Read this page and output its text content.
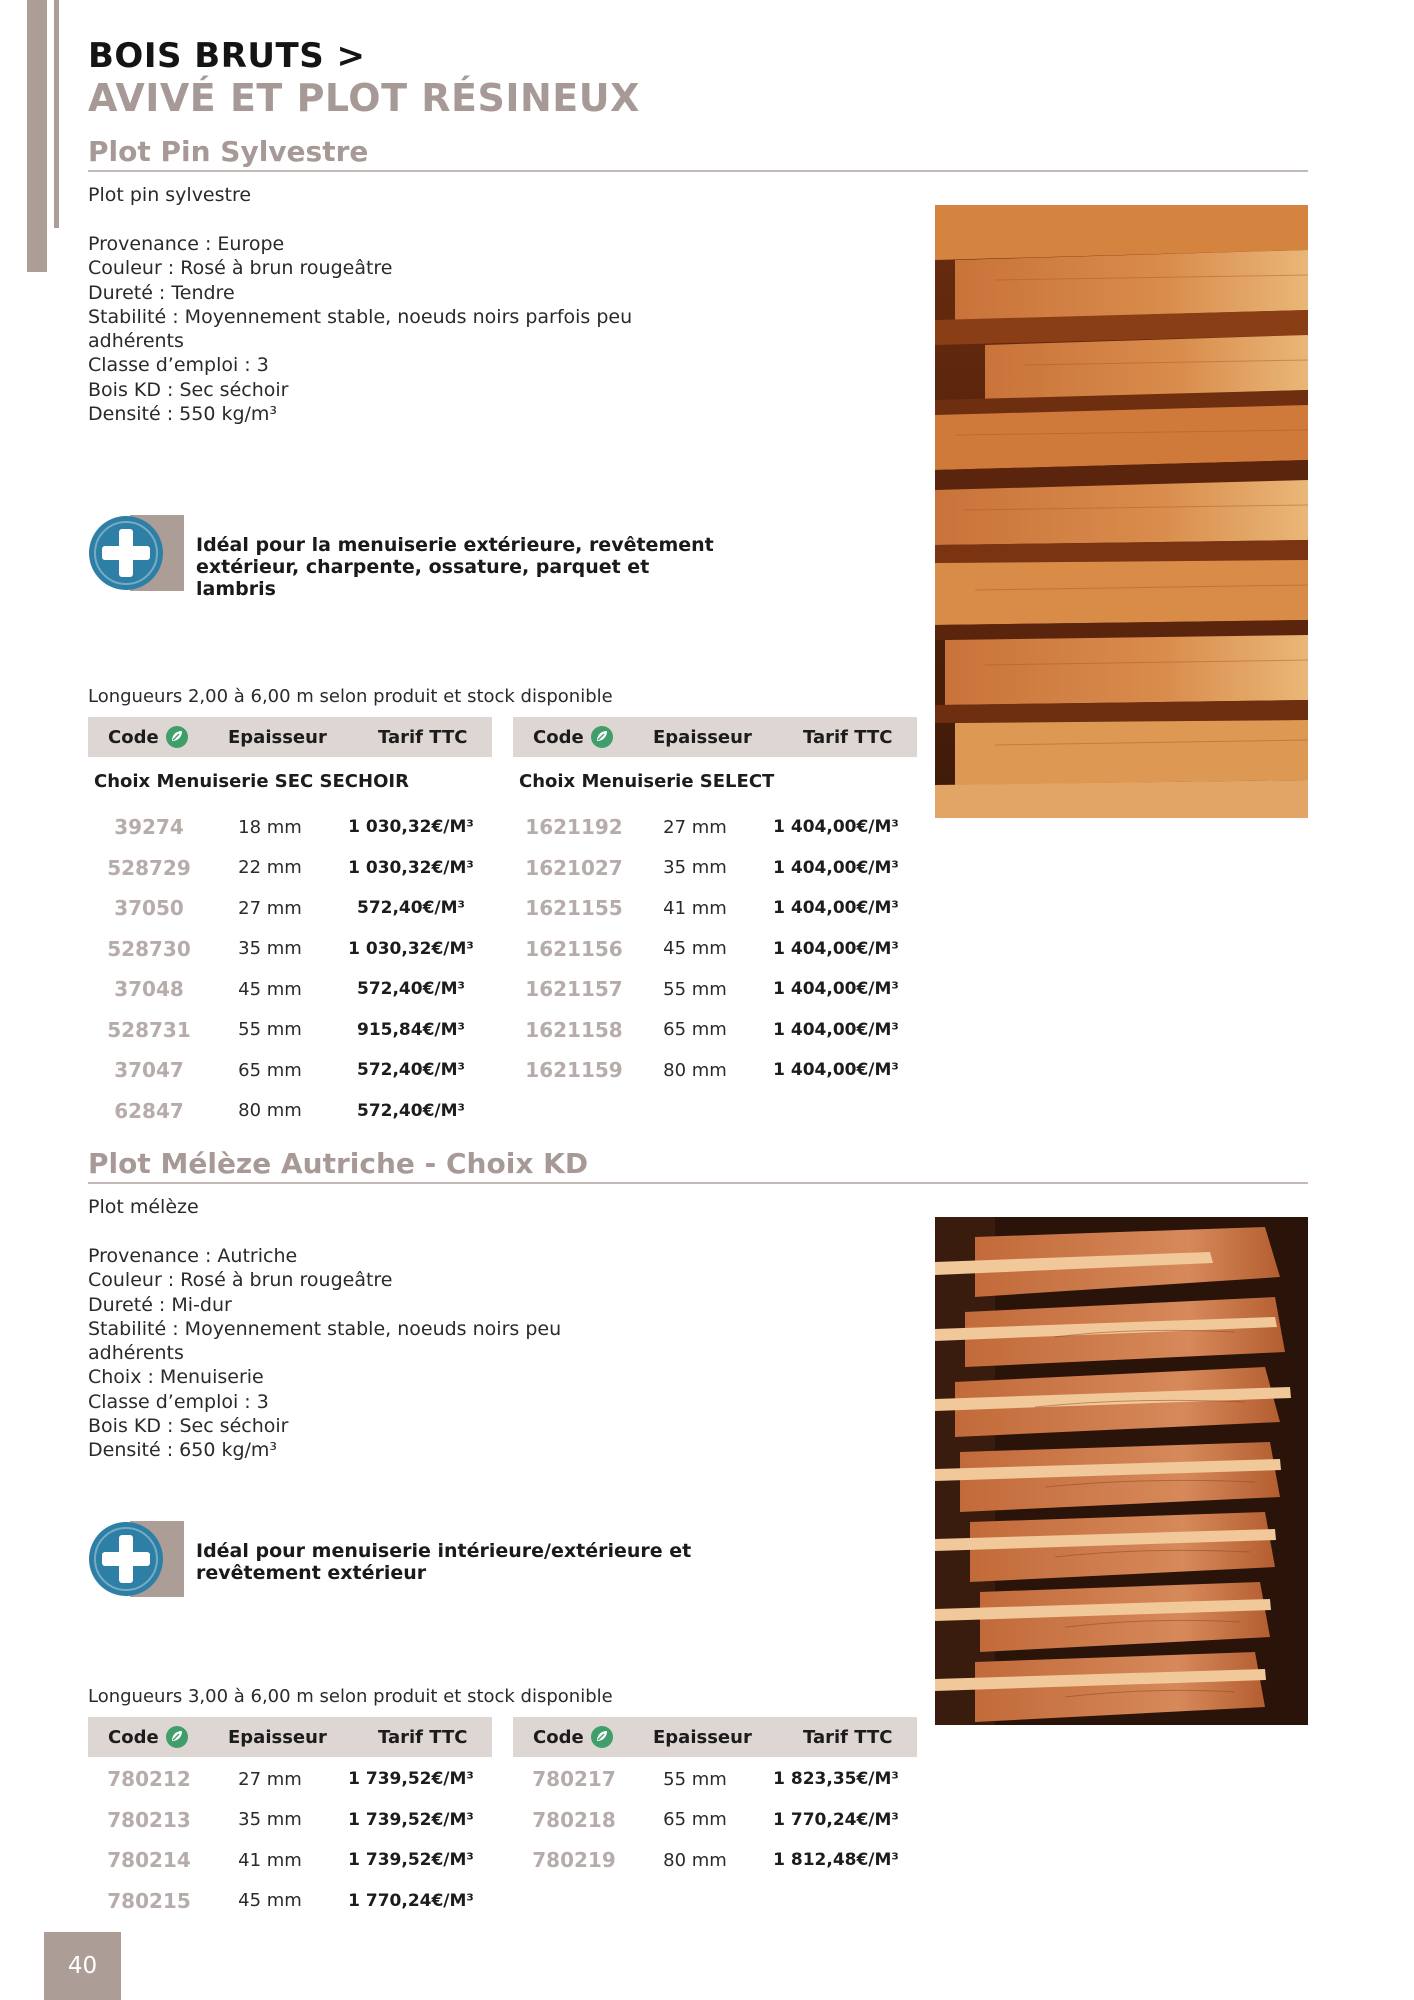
BOIS BRUTS >
AVIVÉ ET PLOT RÉSINEUX
Plot Pin Sylvestre
Plot pin sylvestre
Provenance : Europe
Couleur : Rosé à brun rougeâtre
Dureté : Tendre
Stabilité : Moyennement stable, noeuds noirs parfois peu adhérents
Classe d’emploi : 3
Bois KD : Sec séchoir
Densité : 550 kg/m³
Idéal pour la menuiserie extérieure, revêtement extérieur, charpente, ossature, parquet et lambris
Longueurs 2,00 à 6,00 m selon produit et stock disponible
Code	Epaisseur	Tarif TTC
Choix Menuiserie SEC SECHOIR
39274	18 mm	1 030,32€/M³
528729	22 mm	1 030,32€/M³
37050	27 mm	572,40€/M³
528730	35 mm	1 030,32€/M³
37048	45 mm	572,40€/M³
528731	55 mm	915,84€/M³
37047	65 mm	572,40€/M³
62847	80 mm	572,40€/M³
Code	Epaisseur	Tarif TTC
Choix Menuiserie SELECT
1621192	27 mm	1 404,00€/M³
1621027	35 mm	1 404,00€/M³
1621155	41 mm	1 404,00€/M³
1621156	45 mm	1 404,00€/M³
1621157	55 mm	1 404,00€/M³
1621158	65 mm	1 404,00€/M³
1621159	80 mm	1 404,00€/M³
Plot Mélèze Autriche - Choix KD
Plot mélèze
Provenance : Autriche
Couleur : Rosé à brun rougeâtre
Dureté : Mi-dur
Stabilité : Moyennement stable, noeuds noirs peu adhérents
Choix : Menuiserie
Classe d’emploi : 3
Bois KD : Sec séchoir
Densité : 650 kg/m³
Idéal pour menuiserie intérieure/extérieure et revêtement extérieur
Longueurs 3,00 à 6,00 m selon produit et stock disponible
Code	Epaisseur	Tarif TTC
780212	27 mm	1 739,52€/M³
780213	35 mm	1 739,52€/M³
780214	41 mm	1 739,52€/M³
780215	45 mm	1 770,24€/M³
Code	Epaisseur	Tarif TTC
780217	55 mm	1 823,35€/M³
780218	65 mm	1 770,24€/M³
780219	80 mm	1 812,48€/M³
40
